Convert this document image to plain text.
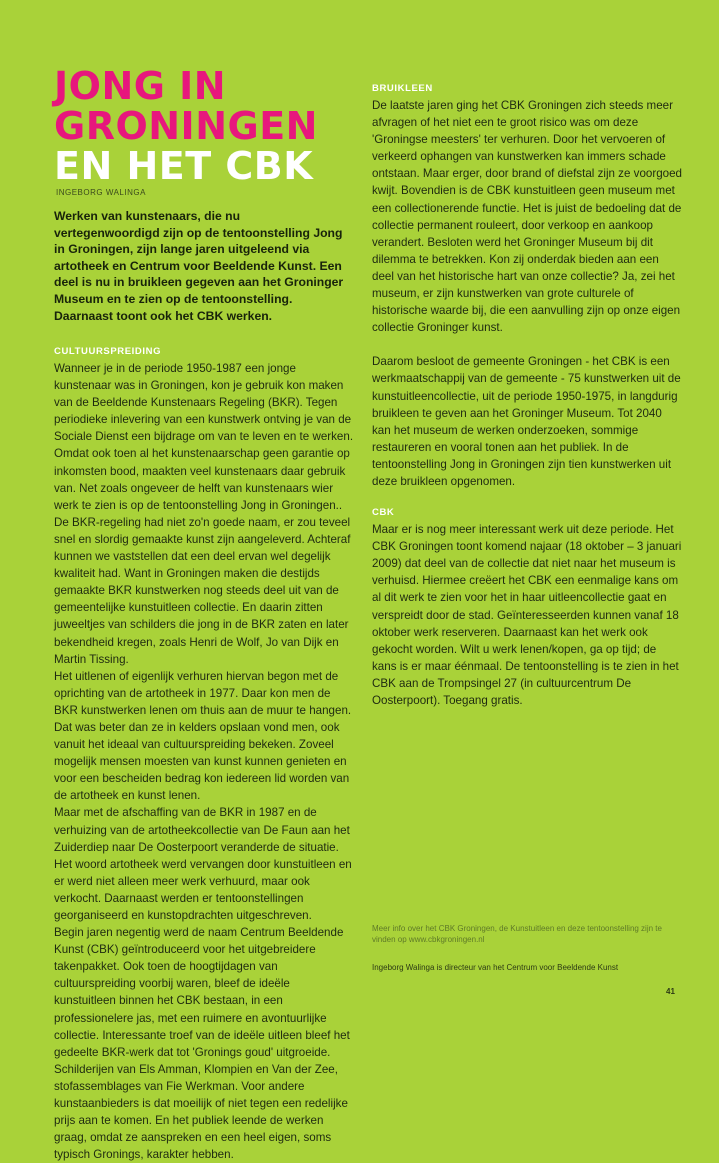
JONG IN
GRONINGEN
EN HET CBK
INGEBORG WALINGA

Werken van kunstenaars, die nu vertegenwoordigd zijn op de tentoonstelling Jong in Groningen, zijn lange jaren uitgeleend via artotheek en Centrum voor Beeldende Kunst. Een deel is nu in bruikleen gegeven aan het Groninger Museum en te zien op de tentoonstelling. Daarnaast toont ook het CBK werken.

CULTUURSPREIDING

Wanneer je in de periode 1950-1987 een jonge kunstenaar was in Groningen, kon je gebruik kon maken van de Beeldende Kunstenaars Regeling (BKR). Tegen periodieke inlevering van een kunstwerk ontving je van de Sociale Dienst een bijdrage om van te leven en te werken. Omdat ook toen al het kunstenaarschap geen garantie op inkomsten bood, maakten veel kunstenaars daar gebruik van. Net zoals ongeveer de helft van kunstenaars wier werk te zien is op de tentoonstelling Jong in Groningen..

De BKR-regeling had niet zo'n goede naam, er zou teveel snel en slordig gemaakte kunst zijn aangeleverd. Achteraf kunnen we vaststellen dat een deel ervan wel degelijk kwaliteit had. Want in Groningen maken die destijds gemaakte BKR kunstwerken nog steeds deel uit van de gemeentelijke kunstuitleen collectie. En daarin zitten juweeltjes van schilders die jong in de BKR zaten en later bekendheid kregen, zoals Henri de Wolf, Jo van Dijk en Martin Tissing.

Het uitlenen of eigenlijk verhuren hiervan begon met de oprichting van de artotheek in 1977. Daar kon men de BKR kunstwerken lenen om thuis aan de muur te hangen. Dat was beter dan ze in kelders opslaan vond men, ook vanuit het ideaal van cultuurspreiding bekeken. Zoveel mogelijk mensen moesten van kunst kunnen genieten en voor een bescheiden bedrag kon iedereen lid worden van de artotheek en kunst lenen.

Maar met de afschaffing van de BKR in 1987 en de verhuizing van de artotheekcollectie van De Faun aan het Zuiderdiep naar De Oosterpoort veranderde de situatie. Het woord artotheek werd vervangen door kunstuitleen en er werd niet alleen meer werk verhuurd, maar ook verkocht. Daarnaast werden er tentoonstellingen georganiseerd en kunstopdrachten uitgeschreven.

Begin jaren negentig werd de naam Centrum Beeldende Kunst (CBK) geïntroduceerd voor het uitgebreidere takenpakket. Ook toen de hoogtijdagen van cultuurspreiding voorbij waren, bleef de ideële kunstuitleen binnen het CBK bestaan, in een professionelere jas, met een ruimere en avontuurlijke collectie. Interessante troef van de ideële uitleen bleef het gedeelte BKR-werk dat tot 'Gronings goud' uitgroeide. Schilderijen van Els Amman, Klompien en Van der Zee, stofassemblages van Fie Werkman. Voor andere kunstaanbieders is dat moeilijk of niet tegen een redelijke prijs aan te komen. En het publiek leende de werken graag, omdat ze aanspreken en een heel eigen, soms typisch Gronings, karakter hebben.

BRUIKLEEN

De laatste jaren ging het CBK Groningen zich steeds meer afvragen of het niet een te groot risico was om deze 'Groningse meesters' ter verhuren. Door het vervoeren of verkeerd ophangen van kunstwerken kan immers schade ontstaan. Maar erger, door brand of diefstal zijn ze voorgoed kwijt. Bovendien is de CBK kunstuitleen geen museum met een collectionerende functie. Het is juist de bedoeling dat de collectie permanent rouleert, door verkoop en aankoop verandert. Besloten werd het Groninger Museum bij dit dilemma te betrekken. Kon zij onderdak bieden aan een deel van het historische hart van onze collectie? Ja, zei het museum, er zijn kunstwerken van grote culturele of historische waarde bij, die een aanvulling zijn op onze eigen collectie Groninger kunst.

Daarom besloot de gemeente Groningen - het CBK is een werkmaatschappij van de gemeente - 75 kunstwerken uit de kunstuitleencollectie, uit de periode 1950-1975, in langdurig bruikleen te geven aan het Groninger Museum. Tot 2040 kan het museum de werken onderzoeken, sommige restaureren en vooral tonen aan het publiek. In de tentoonstelling Jong in Groningen zijn tien kunstwerken uit deze bruikleen opgenomen.

CBK

Maar er is nog meer interessant werk uit deze periode. Het CBK Groningen toont komend najaar (18 oktober – 3 januari 2009) dat deel van de collectie dat niet naar het museum is verhuisd. Hiermee creëert het CBK een eenmalige kans om al dit werk te zien voor het in haar uitleencollectie gaat en verspreidt door de stad. Geïnteresseerden kunnen vanaf 18 oktober werk reserveren. Daarnaast kan het werk ook gekocht worden. Wilt u werk lenen/kopen, ga op tijd; de kans is er maar éénmaal. De tentoonstelling is te zien in het CBK aan de Trompsingel 27 (in cultuurcentrum De Oosterpoort). Toegang gratis.

Meer info over het CBK Groningen, de Kunstuitleen en deze tentoonstelling zijn te vinden op www.cbkgroningen.nl

Ingeborg Walinga is directeur van het Centrum voor Beeldende Kunst

41
